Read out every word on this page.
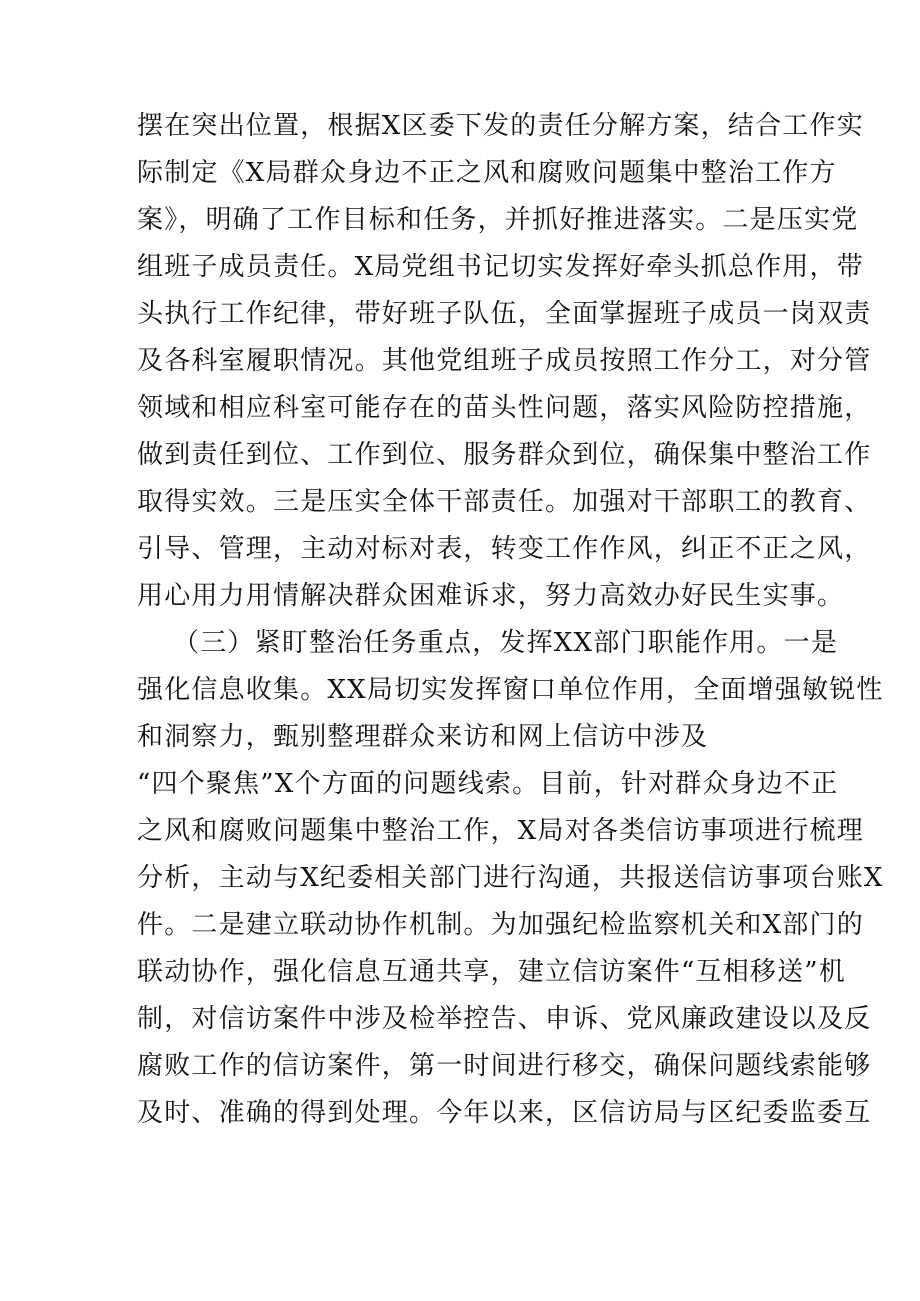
摆在突出位置，根据X区委下发的责任分解方案，结合工作实
际制定《X局群众身边不正之风和腐败问题集中整治工作方
案》，明确了工作目标和任务，并抓好推进落实。二是压实党
组班子成员责任。X局党组书记切实发挥好牵头抓总作用，带
头执行工作纪律，带好班子队伍，全面掌握班子成员一岗双责
及各科室履职情况。其他党组班子成员按照工作分工，对分管
领域和相应科室可能存在的苗头性问题，落实风险防控措施，
做到责任到位、工作到位、服务群众到位，确保集中整治工作
取得实效。三是压实全体干部责任。加强对干部职工的教育、
引导、管理，主动对标对表，转变工作作风，纠正不正之风，
用心用力用情解决群众困难诉求，努力高效办好民生实事。
（三）紧盯整治任务重点，发挥XX部门职能作用。一是
强化信息收集。XX局切实发挥窗口单位作用，全面增强敏锐性
和洞察力，甄别整理群众来访和网上信访中涉及
“四个聚焦”X个方面的问题线索。目前，针对群众身边不正
之风和腐败问题集中整治工作，X局对各类信访事项进行梳理
分析，主动与X纪委相关部门进行沟通，共报送信访事项台账X
件。二是建立联动协作机制。为加强纪检监察机关和X部门的
联动协作，强化信息互通共享，建立信访案件“互相移送”机
制，对信访案件中涉及检举控告、申诉、党风廉政建设以及反
腐败工作的信访案件，第一时间进行移交，确保问题线索能够
及时、准确的得到处理。今年以来，区信访局与区纪委监委互
